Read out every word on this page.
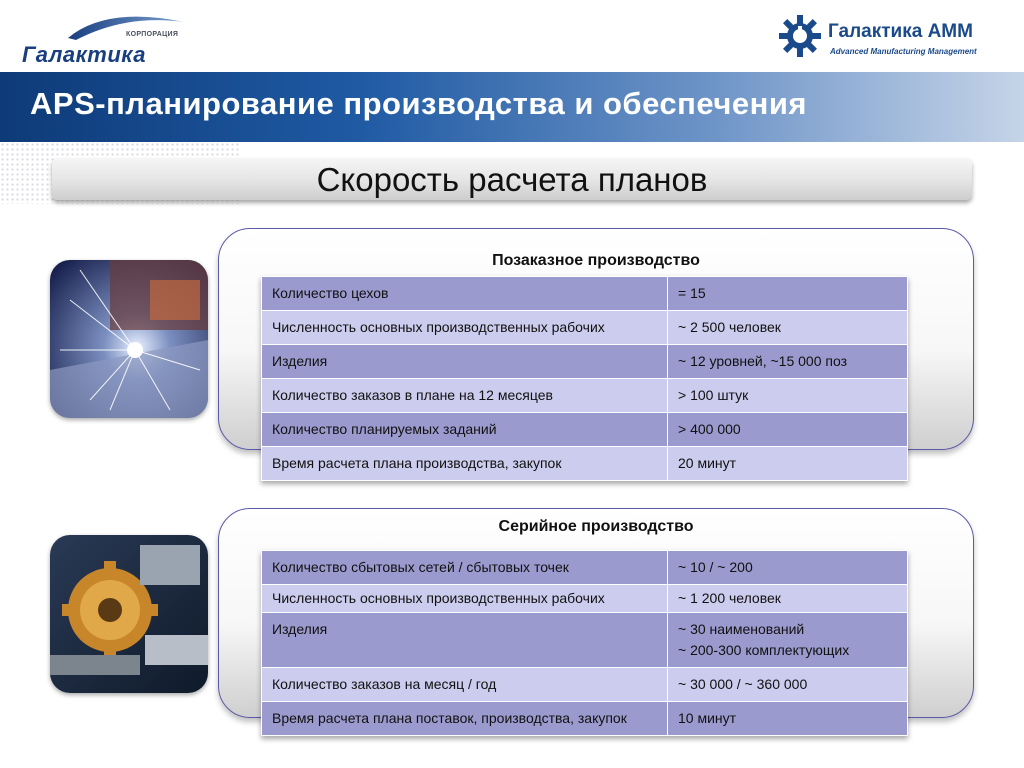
КОРПОРАЦИЯ
Галактика
Галактика АММ
Advanced Manufacturing Management
APS-планирование производства и обеспечения
Скорость расчета планов
Позаказное производство
Количество цехов	= 15
Численность основных производственных рабочих	~ 2 500 человек
Изделия	~ 12 уровней, ~15 000 поз
Количество заказов в плане на 12 месяцев	> 100 штук
Количество планируемых заданий	> 400 000
Время расчета плана производства, закупок	20 минут
Серийное производство
Количество сбытовых сетей / сбытовых точек	~ 10 / ~ 200
Численность основных производственных рабочих	~ 1 200 человек
Изделия	~ 30 наименований
~ 200-300 комплектующих

Количество заказов на месяц / год	~ 30 000 / ~ 360 000
Время расчета плана поставок, производства, закупок	10 минут
